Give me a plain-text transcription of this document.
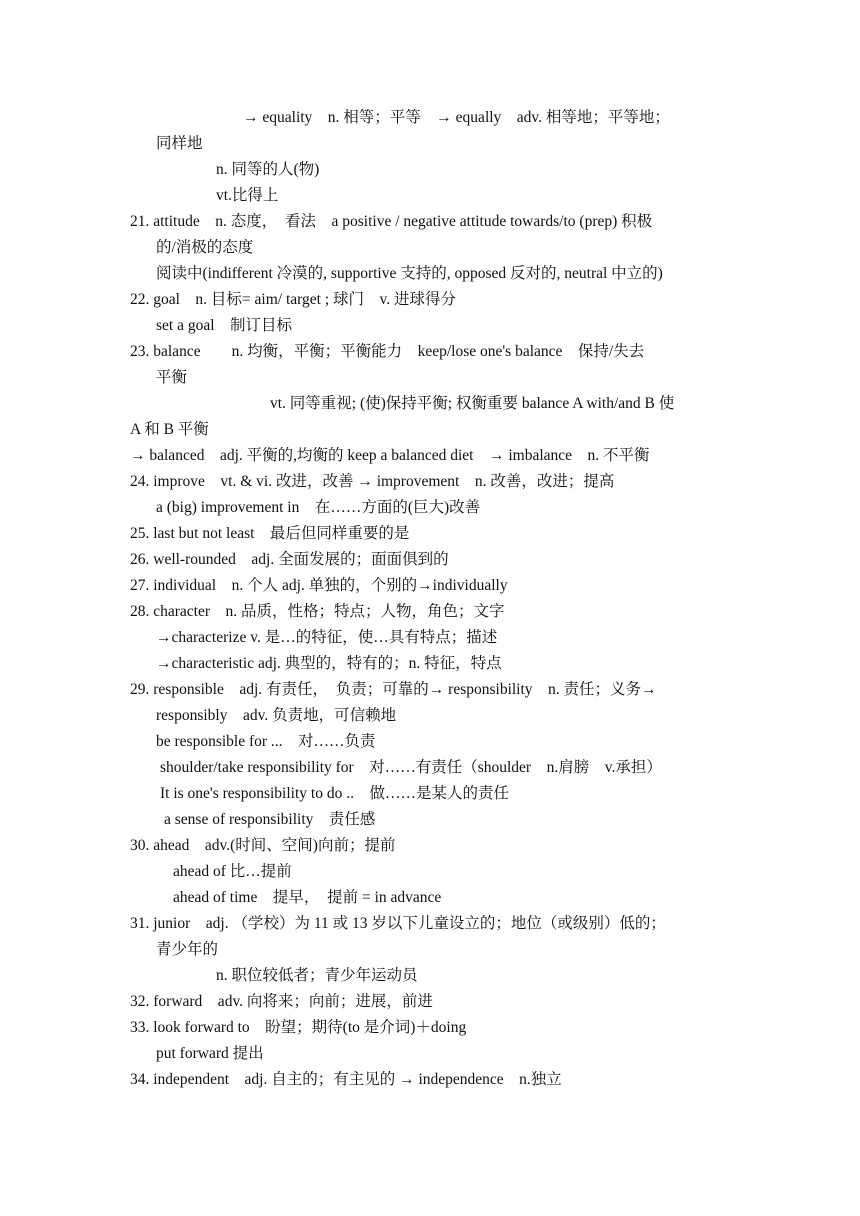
→ equality　n. 相等；平等　→ equally　adv. 相等地；平等地；
同样地
n. 同等的人(物)
vt.比得上
21. attitude　n. 态度，　看法　a positive / negative attitude towards/to (prep) 积极
的/消极的态度
阅读中(indifferent 冷漠的, supportive 支持的, opposed 反对的, neutral 中立的)
22. goal　n. 目标= aim/ target ; 球门　v. 进球得分
set a goal　制订目标
23. balance　　n. 均衡，平衡；平衡能力　keep/lose one's balance　保持/失去
平衡
vt. 同等重视; (使)保持平衡; 权衡重要 balance A with/and B 使
A 和 B 平衡
→ balanced　adj. 平衡的,均衡的 keep a balanced diet　→ imbalance　n. 不平衡
24. improve　vt. & vi. 改进，改善 → improvement　n. 改善，改进；提高
a (big) improvement in　在……方面的(巨大)改善
25. last but not least　最后但同样重要的是
26. well-rounded　adj. 全面发展的；面面俱到的
27. individual　n. 个人 adj. 单独的，个别的→individually
28. character　n. 品质，性格；特点；人物，角色；文字
→characterize v. 是…的特征，使…具有特点；描述
→characteristic adj. 典型的，特有的；n. 特征，特点
29. responsible　adj. 有责任，　负责；可靠的→ responsibility　n. 责任；义务→
responsibly　adv. 负责地，可信赖地
be responsible for ...　对……负责
shoulder/take responsibility for　对……有责任（shoulder　n.肩膀　v.承担）
It is one's responsibility to do ..　做……是某人的责任
a sense of responsibility　责任感
30. ahead　adv.(时间、空间)向前；提前
ahead of 比…提前
ahead of time　提早，　提前 = in advance
31. junior　adj. （学校）为 11 或 13 岁以下儿童设立的；地位（或级别）低的；
青少年的
n. 职位较低者；青少年运动员
32. forward　adv. 向将来；向前；进展，前进
33. look forward to　盼望；期待(to 是介词)＋doing
put forward 提出
34. independent　adj. 自主的；有主见的 → independence　n.独立
